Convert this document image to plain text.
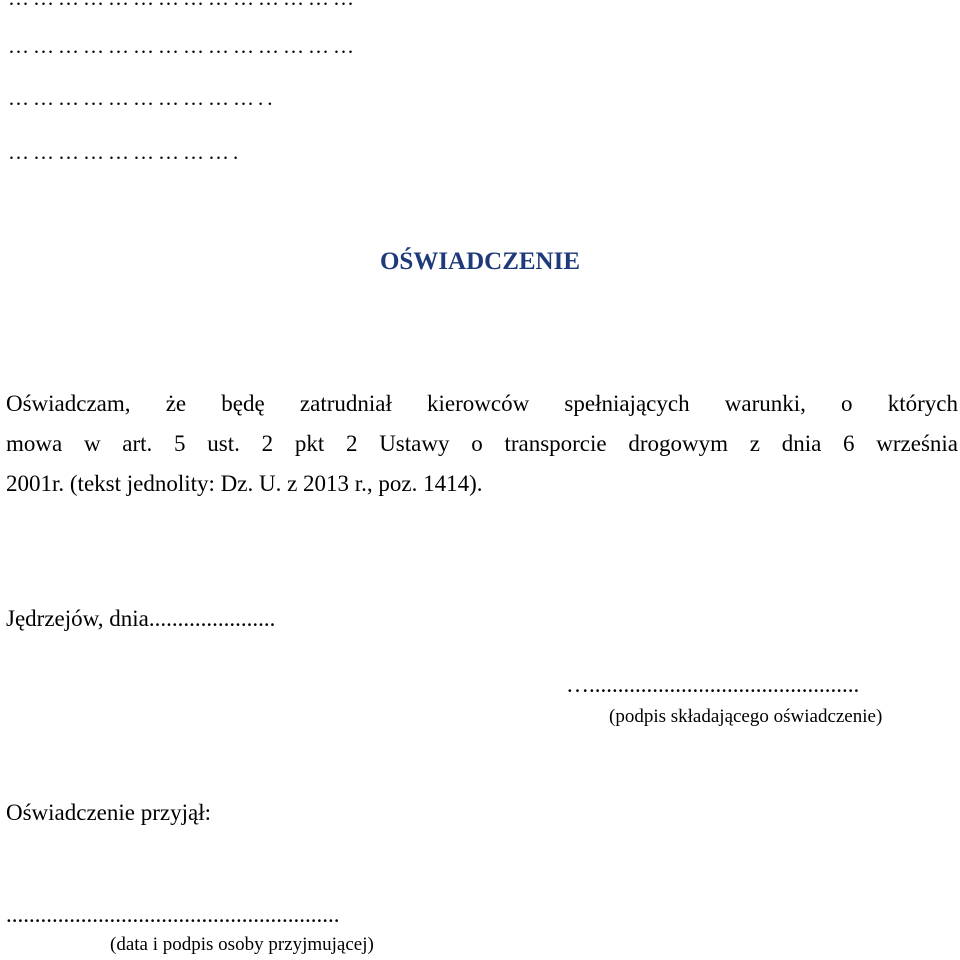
……………………………………
…………………………..
……………………….
OŚWIADCZENIE
Oświadczam, że będę zatrudniał kierowców spełniających warunki, o których
mowa w art. 5 ust. 2 pkt 2 Ustawy o transporcie drogowym z dnia 6 września
2001r. (tekst jednolity: Dz. U. z 2013 r., poz. 1414).
Jędrzejów, dnia......................
…...............................................
(podpis składającego oświadczenie)
Oświadczenie przyjął:
..........................................................
(data i podpis osoby przyjmującej)
